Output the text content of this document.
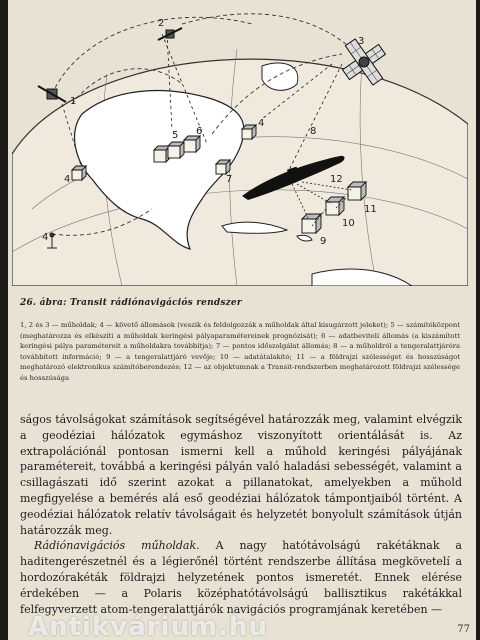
1
2
3
4
4
4
5 6
7
8
9
10
11
12
26. ábra: Transit rádiónavigációs rendszer
1, 2 és 3 — műholdak; 4 — követő állomások (veszik és feldolgozzák a műholdak által kisugárzott jeleket); 5 — számítóközpont (meghatározza és elkészíti a műholdak keringési pályaparamétereinek prognózisát); 6 — adatbeviteli állomás (a kiszámított keringési pálya paramétereit a műholdakra továbbítja); 7 — pontos időszolgálat állomás; 8 — a műholdról a tengeralattjáróra továbbított információ; 9 — a tengeralattjáró vevője; 10 — adatátalakító; 11 — a földrajzi szélességet és hosszúságot meghatározó elektronikus számítóberendezés; 12 — az objektumnak a Transit-rendszerben meghatározott földrajzi szélessége és hosszúsága

ságos távolságokat számítások segítségével határozzák meg, valamint elvégzik a geodéziai hálózatok egymáshoz viszonyított orientálását is. Az extrapolációnál pontosan ismerni kell a műhold keringési pályájának paramétereit, továbbá a keringési pályán való haladási sebességét, valamint a csillagászati idő szerint azokat a pillanatokat, amelyekben a műhold megfigyelése a bemérés alá eső geodéziai hálózatok támpontjaiból történt. A geodéziai hálózatok relatív távolságait és helyzetét bonyolult számítások útján határozzák meg.

Rádiónavigációs műholdak. A nagy hatótávolságú rakétáknak a haditengerészetnél és a légierőnél történt rendszerbe állítása megkövetelí a hordozórakéták földrajzi helyzetének pontos ismeretét. Ennek elérése érdekében — a Polaris középhatótávolságú ballisztikus rakétákkal felfegyverzett atom-tengeralattjárók navigációs programjának keretében —

Antikvárium.hu	77
